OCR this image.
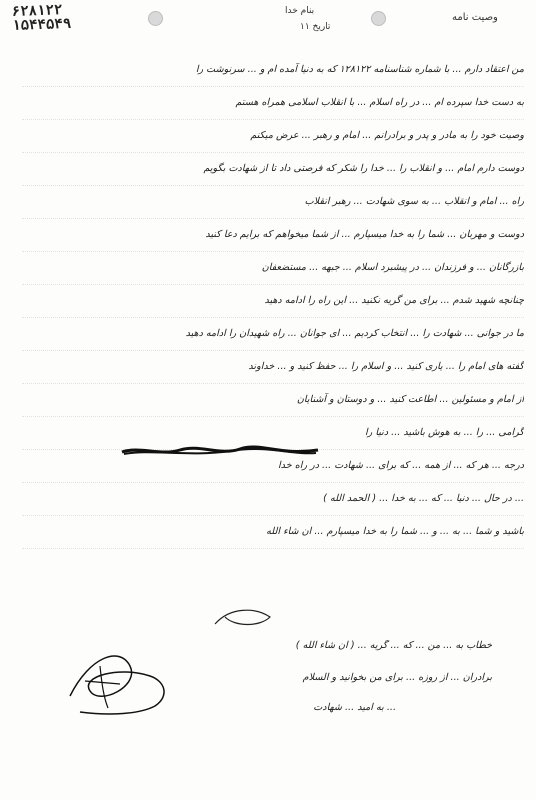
۶۲۸۱۲۲
۱۵۴۴۵۴۹
بنام خدا
تاریخ ۱۱
وصیت نامه
من اعتقاد دارم ... با شماره شناسنامه ۱۲۸۱۲۲ که به دنیا آمده ام و ... سرنوشت را
به دست خدا سپرده ام ... در راه اسلام ... با انقلاب اسلامی همراه هستم
وصیت خود را به مادر و پدر و برادرانم ... امام و رهبر ... عرض میکنم
دوست دارم امام ... و انقلاب را ... خدا را شکر که فرصتی داد تا از شهادت بگویم
راه ... امام و انقلاب ... به سوی شهادت ... رهبر انقلاب
دوست و مهربان ... شما را به خدا میسپارم ... از شما میخواهم که برایم دعا کنید
بازرگانان ... و فرزندان ... در پیشبرد اسلام ... جبهه ... مستضعفان
چنانچه شهید شدم ... برای من گریه نکنید ... این راه را ادامه دهید
ما در جوانی ... شهادت را ... انتخاب کردیم ... ای جوانان ... راه شهیدان را ادامه دهید
گفته های امام را ... یاری کنید ... و اسلام را ... حفظ کنید و ... خداوند
از امام و مسئولین ... اطاعت کنید ... و دوستان و آشنایان
گرامی ... را ... به هوش باشید ... دنیا را
درجه ... هر که ... از همه ... که برای ... شهادت ... در راه خدا
... در حال ... دنیا ... که ... به خدا ... ( الحمد الله )
باشید و شما ... به ... و ... شما را به خدا میسپارم ... ان شاء الله
خطاب به ... من ... که ... گریه ... ( ان شاء الله )
برادران ... از روزه ... برای من بخوانید و السلام
... به امید ... شهادت
